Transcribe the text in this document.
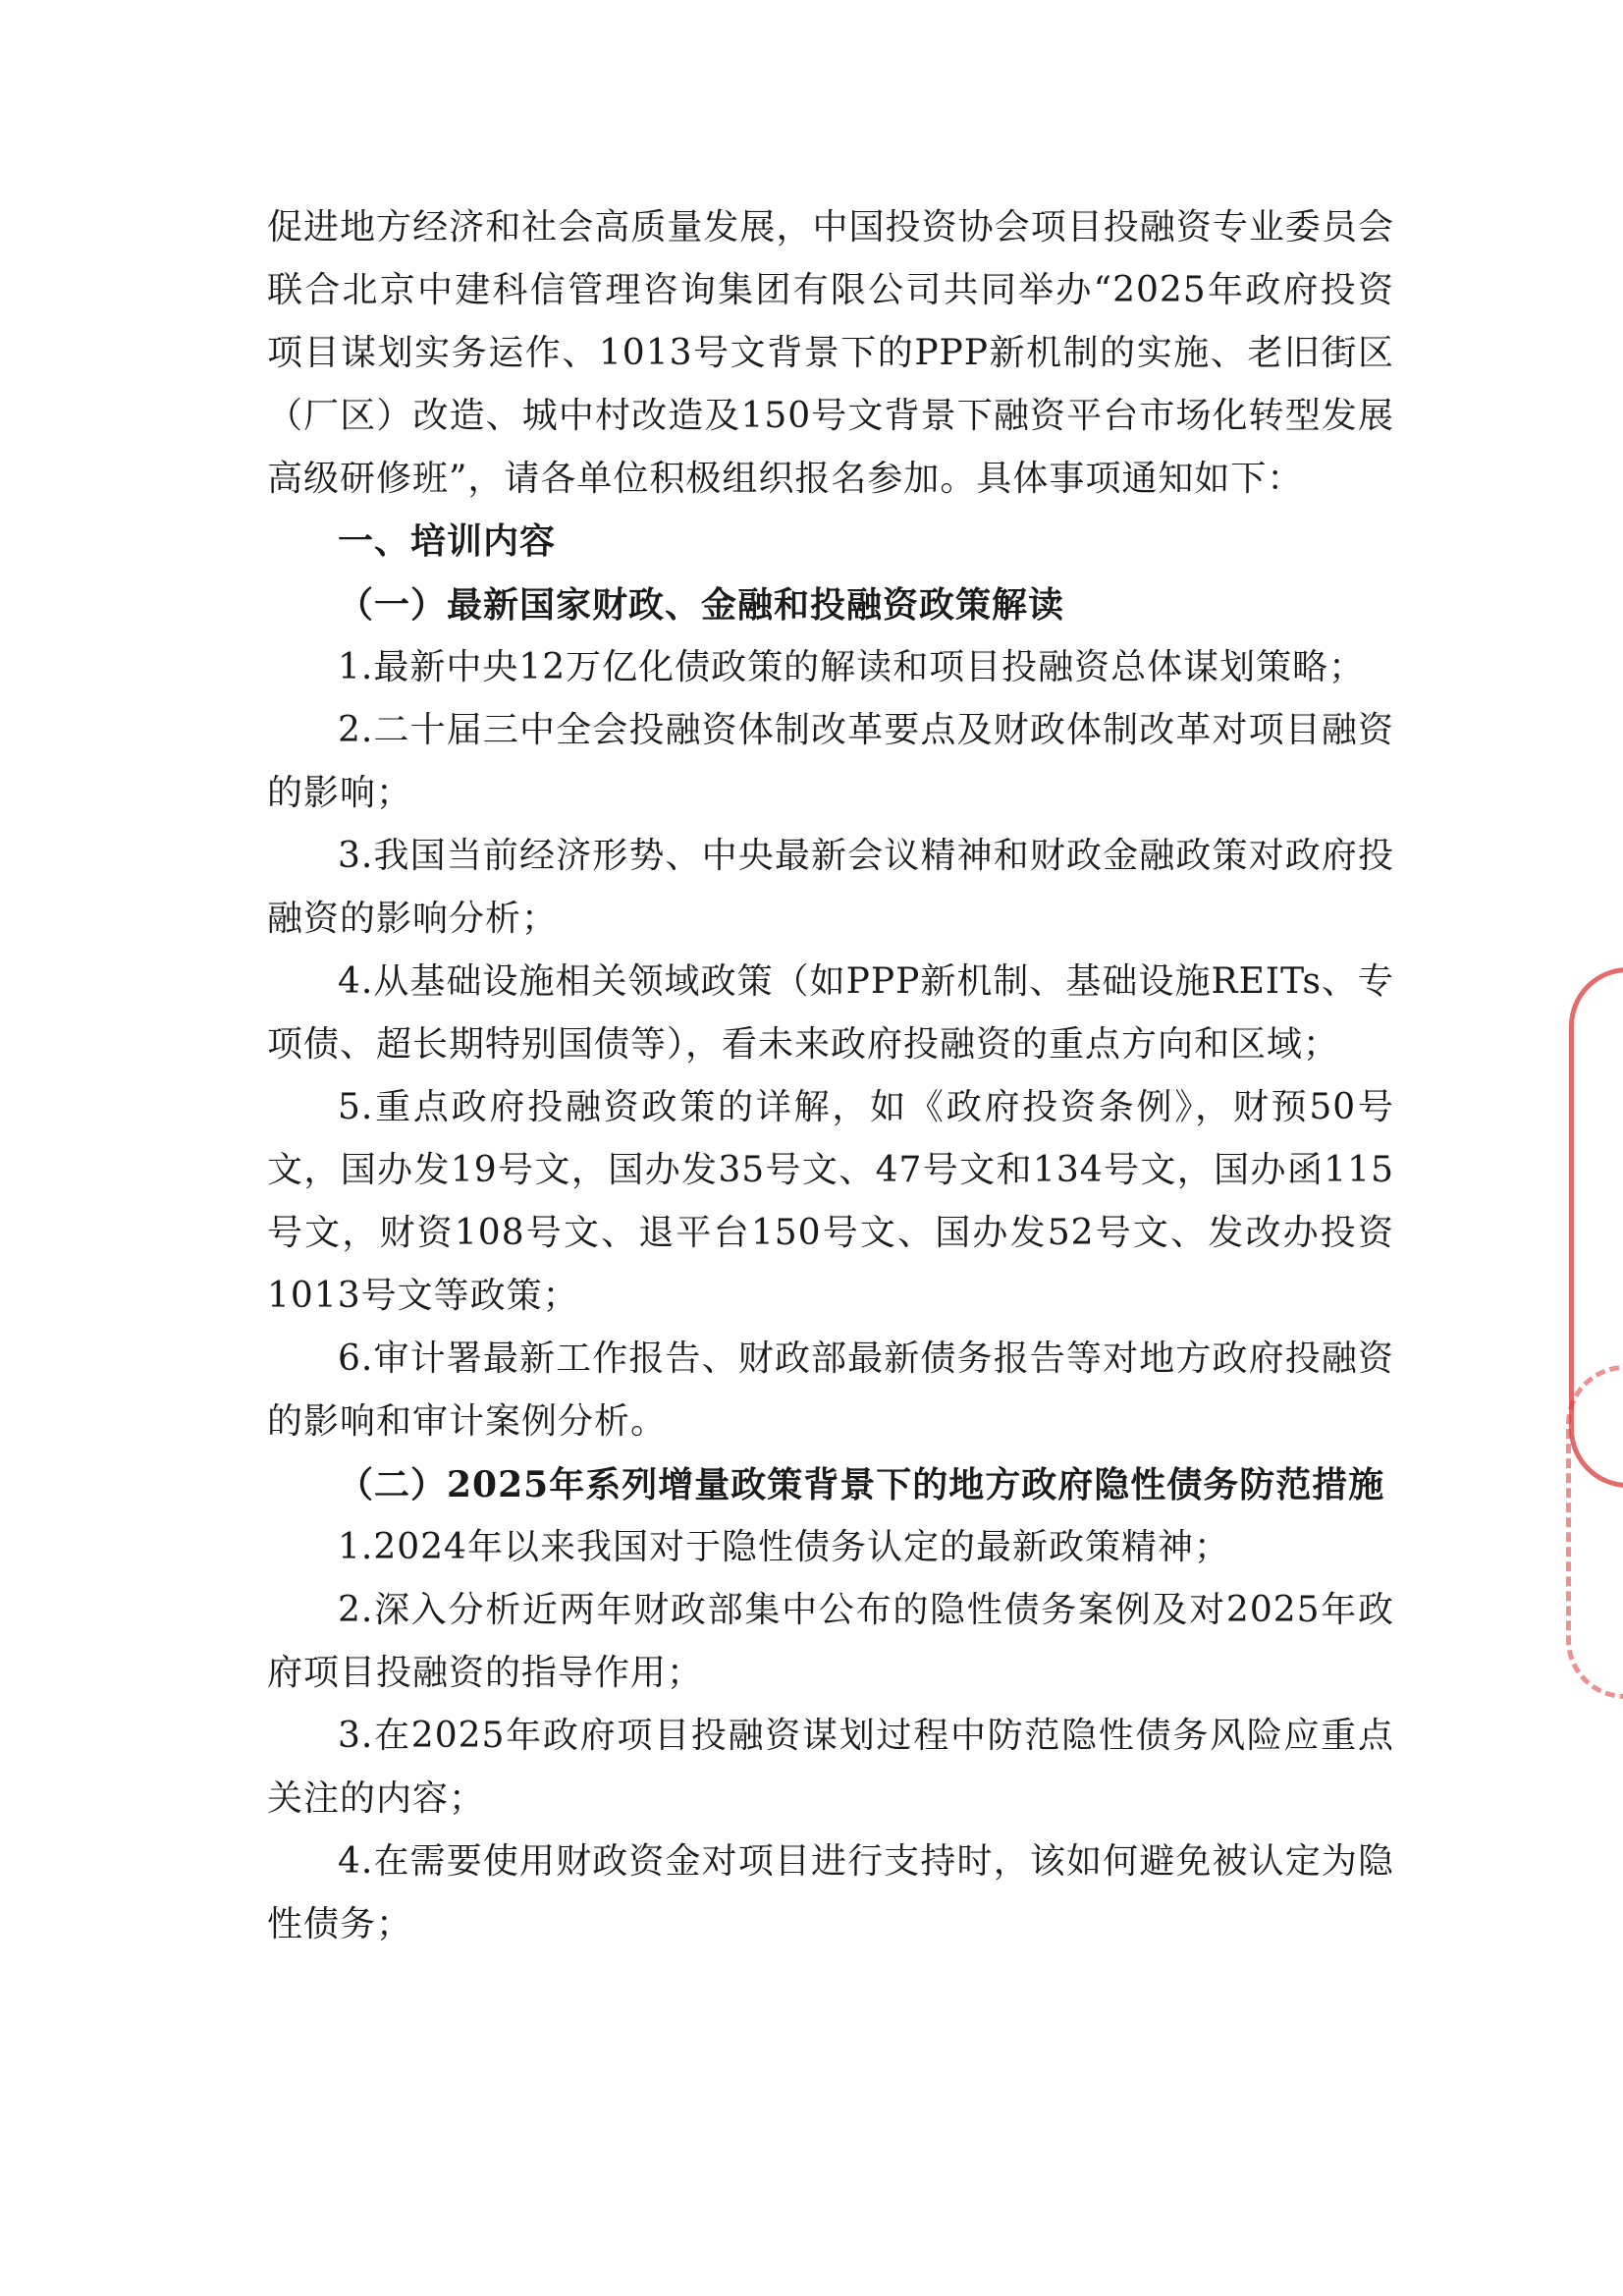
促进地方经济和社会高质量发展，中国投资协会项目投融资专业委员会联合北京中建科信管理咨询集团有限公司共同举办“2025年政府投资项目谋划实务运作、1013号文背景下的PPP新机制的实施、老旧街区（厂区）改造、城中村改造及150号文背景下融资平台市场化转型发展高级研修班”，请各单位积极组织报名参加。具体事项通知如下：

一、培训内容

（一）最新国家财政、金融和投融资政策解读

1.最新中央12万亿化债政策的解读和项目投融资总体谋划策略；

2.二十届三中全会投融资体制改革要点及财政体制改革对项目融资的影响；

3.我国当前经济形势、中央最新会议精神和财政金融政策对政府投融资的影响分析；

4.从基础设施相关领域政策（如PPP新机制、基础设施REITs、专项债、超长期特别国债等），看未来政府投融资的重点方向和区域；

5.重点政府投融资政策的详解，如《政府投资条例》，财预50号文，国办发19号文，国办发35号文、47号文和134号文，国办函115号文，财资108号文、退平台150号文、国办发52号文、发改办投资1013号文等政策；

6.审计署最新工作报告、财政部最新债务报告等对地方政府投融资的影响和审计案例分析。

（二）2025年系列增量政策背景下的地方政府隐性债务防范措施

1.2024年以来我国对于隐性债务认定的最新政策精神；

2.深入分析近两年财政部集中公布的隐性债务案例及对2025年政府项目投融资的指导作用；

3.在2025年政府项目投融资谋划过程中防范隐性债务风险应重点关注的内容；

4.在需要使用财政资金对项目进行支持时，该如何避免被认定为隐性债务；
